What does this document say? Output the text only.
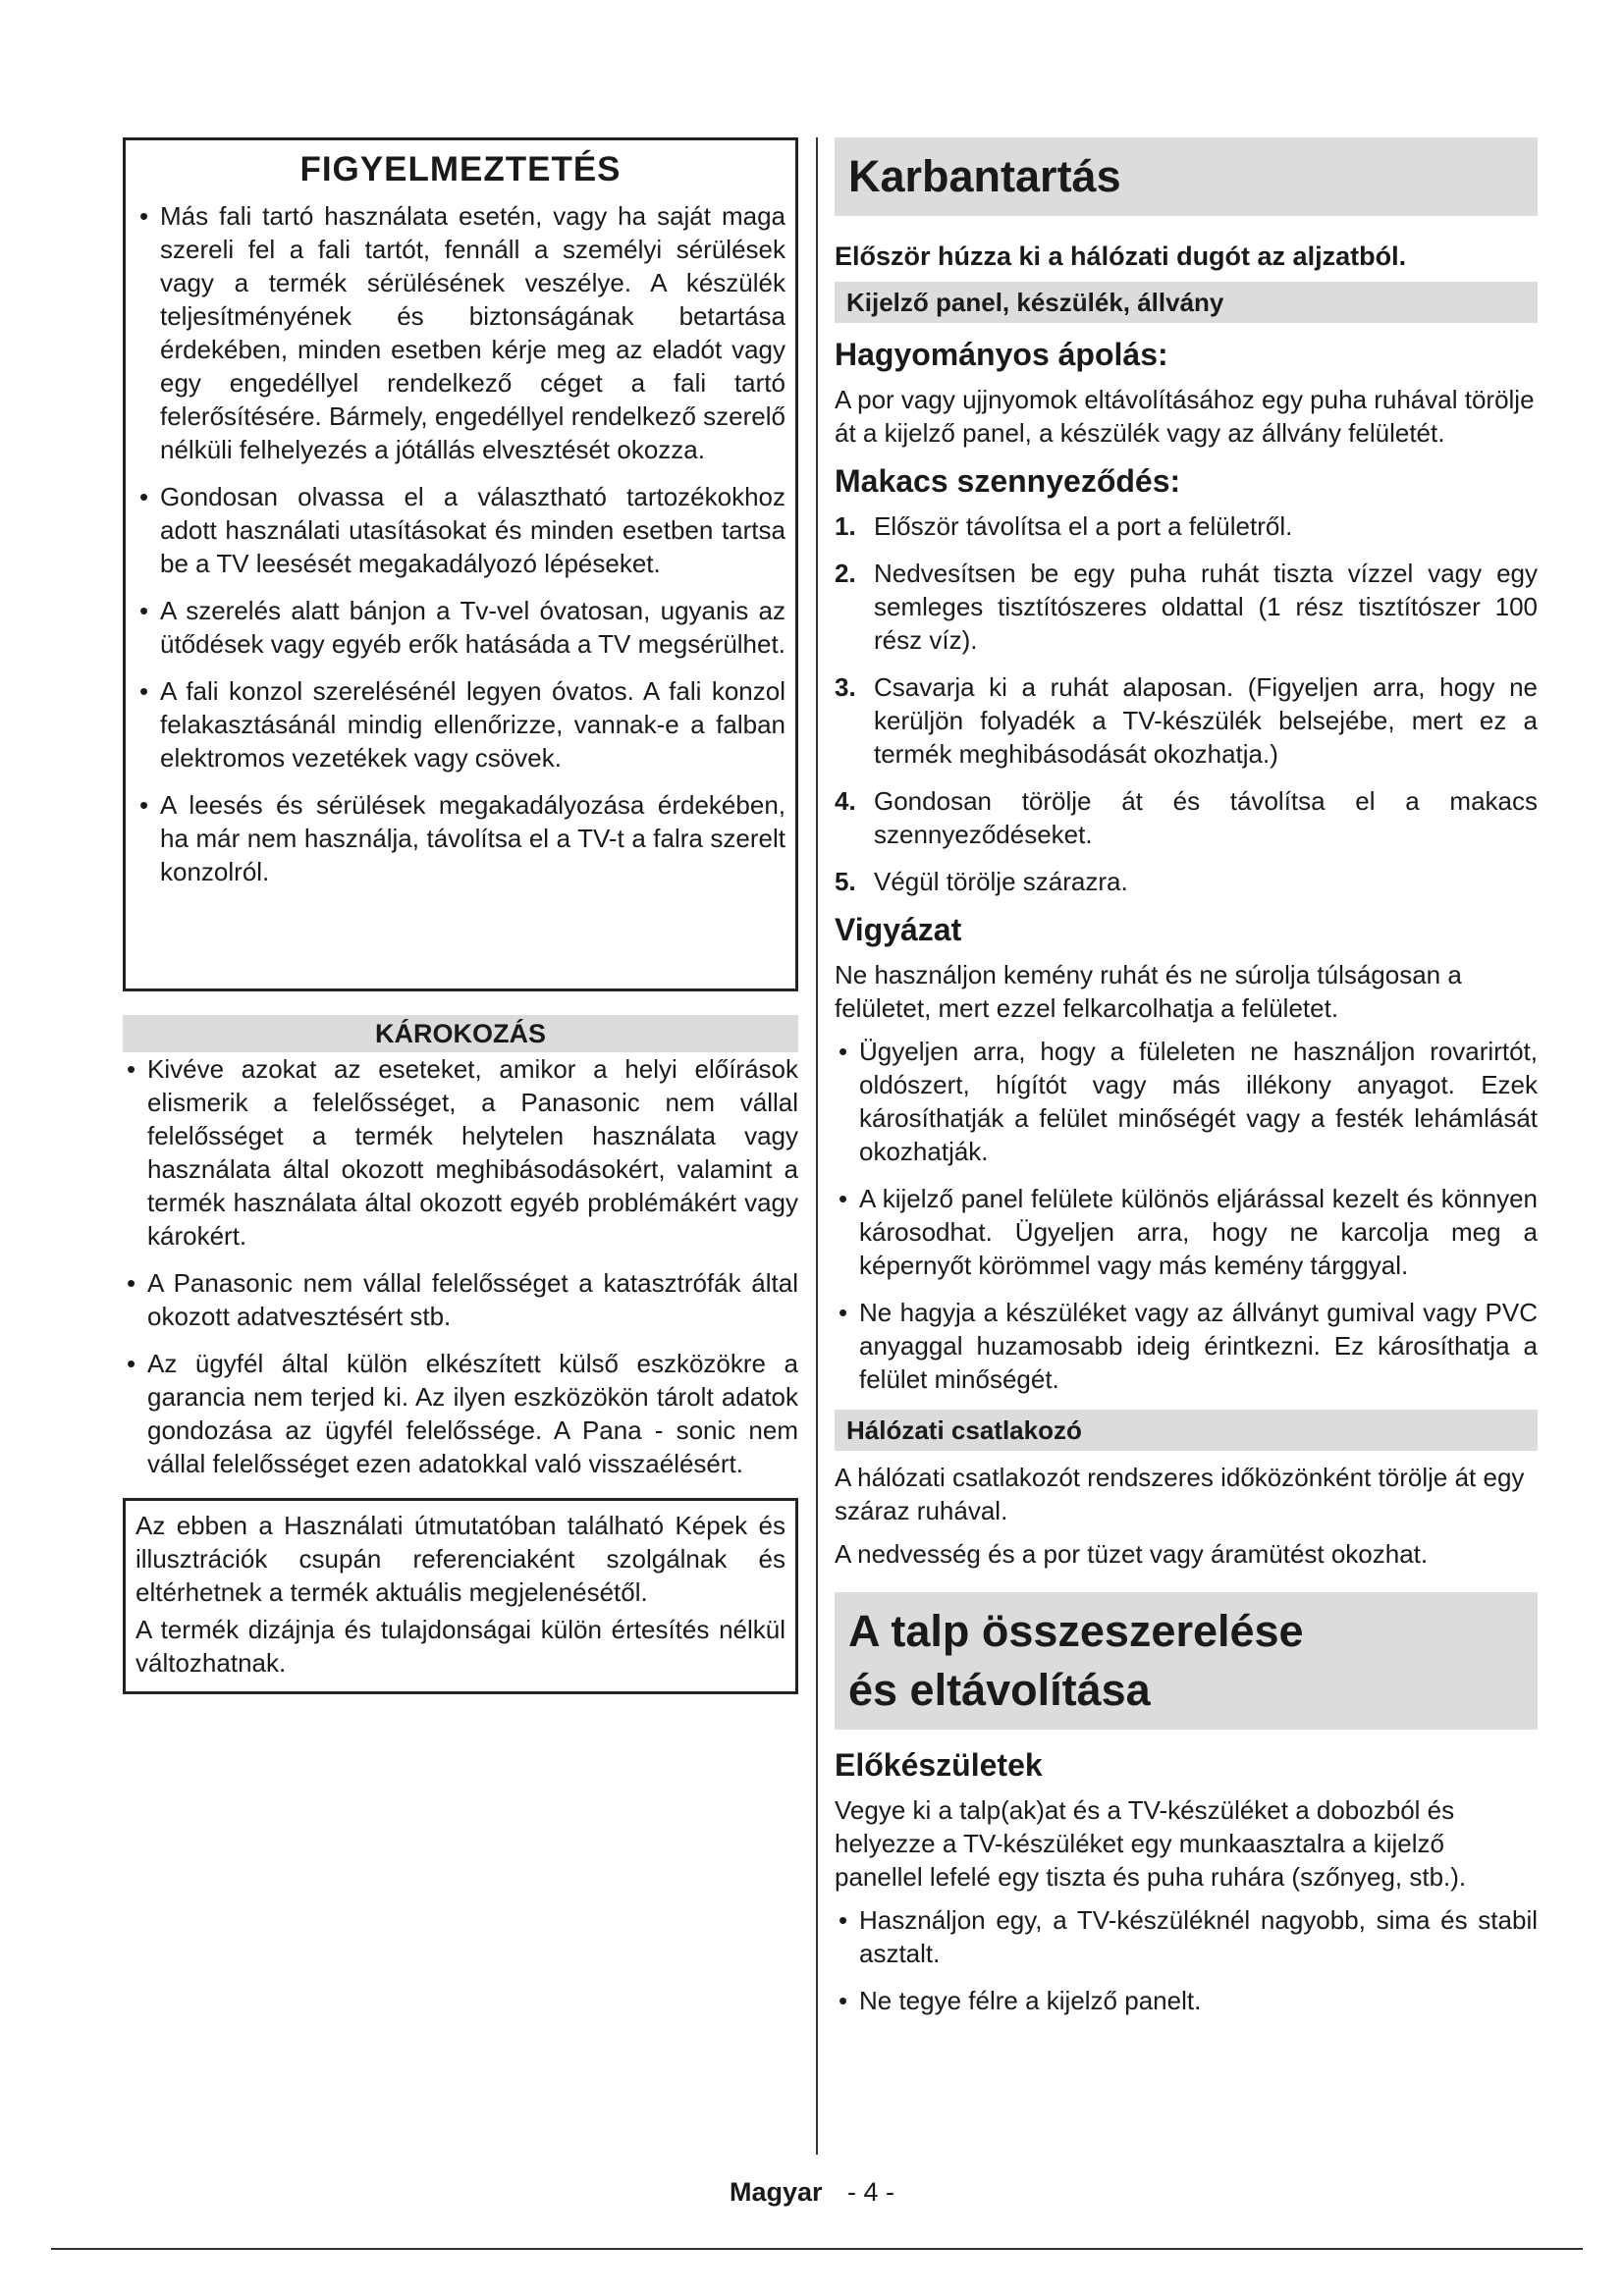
FIGYELMEZTETÉS
• Más fali tartó használata esetén, vagy ha saját maga szereli fel a fali tartót, fennáll a személyi sérülések vagy a termék sérülésének veszélye. A készülék teljesítményének és biztonságának betartása érdekében, minden esetben kérje meg az eladót vagy egy engedéllyel rendelkező céget a fali tartó felerősítésére. Bármely, engedéllyel rendelkező szerelő nélküli felhelyezés a jótállás elvesztését okozza.
• Gondosan olvassa el a választható tartozékokhoz adott használati utasításokat és minden esetben tartsa be a TV leesését megakadályozó lépéseket.
• A szerelés alatt bánjon a Tv-vel óvatosan, ugyanis az ütődések vagy egyéb erők hatásáda a TV megsérülhet.
• A fali konzol szerelésénél legyen óvatos. A fali konzol felakasztásánál mindig ellenőrizze, vannak-e a falban elektromos vezetékek vagy csövek.
• A leesés és sérülések megakadályozása érdekében, ha már nem használja, távolítsa el a TV-t a falra szerelt konzolról.
KÁROKOZÁS
• Kivéve azokat az eseteket, amikor a helyi előírások elismerik a felelősséget, a Panasonic nem vállal felelősséget a termék helytelen használata vagy használata által okozott meghibásodásokért, valamint a termék használata által okozott egyéb problémákért vagy károkért.
• A Panasonic nem vállal felelősséget a katasztrófák által okozott adatvesztésért stb.
• Az ügyfél által külön elkészített külső eszközökre a garancia nem terjed ki. Az ilyen eszközökön tárolt adatok gondozása az ügyfél felelőssége. A Pana - sonic nem vállal felelősséget ezen adatokkal való visszaélésért.

Az ebben a Használati útmutatóban található Képek és illusztrációk csupán referenciaként szolgálnak és eltérhetnek a termék aktuális megjelenésétől.

A termék dizájnja és tulajdonságai külön értesítés nélkül változhatnak.

Karbantartás
Először húzza ki a hálózati dugót az aljzatból.
Kijelző panel, készülék, állvány
Hagyományos ápolás:

A por vagy ujjnyomok eltávolításához egy puha ruhával törölje át a kijelző panel, a készülék vagy az állvány felületét.

Makacs szennyeződés:
1. Először távolítsa el a port a felületről.
2. Nedvesítsen be egy puha ruhát tiszta vízzel vagy egy semleges tisztítószeres oldattal (1 rész tisztítószer 100 rész víz).
3. Csavarja ki a ruhát alaposan. (Figyeljen arra, hogy ne kerüljön folyadék a TV-készülék belsejébe, mert ez a termék meghibásodását okozhatja.)
4. Gondosan törölje át és távolítsa el a makacs szennyeződéseket.
5. Végül törölje szárazra.
Vigyázat

Ne használjon kemény ruhát és ne súrolja túlságosan a felületet, mert ezzel felkarcolhatja a felületet.

• Ügyeljen arra, hogy a füleleten ne használjon rovarirtót, oldószert, hígítót vagy más illékony anyagot. Ezek károsíthatják a felület minőségét vagy a festék lehámlását okozhatják.
• A kijelző panel felülete különös eljárással kezelt és könnyen károsodhat. Ügyeljen arra, hogy ne karcolja meg a képernyőt körömmel vagy más kemény tárggyal.
• Ne hagyja a készüléket vagy az állványt gumival vagy PVC anyaggal huzamosabb ideig érintkezni. Ez károsíthatja a felület minőségét.
Hálózati csatlakozó

A hálózati csatlakozót rendszeres időközönként törölje át egy száraz ruhával.

A nedvesség és a por tüzet vagy áramütést okozhat.

A talp összeszerelése
és eltávolítása
Előkészületek

Vegye ki a talp(ak)at és a TV-készüléket a dobozból és helyezze a TV-készüléket egy munkaasztalra a kijelző panellel lefelé egy tiszta és puha ruhára (szőnyeg, stb.).

• Használjon egy, a TV-készüléknél nagyobb, sima és stabil asztalt.
• Ne tegye félre a kijelző panelt.
Magyar - 4 -
